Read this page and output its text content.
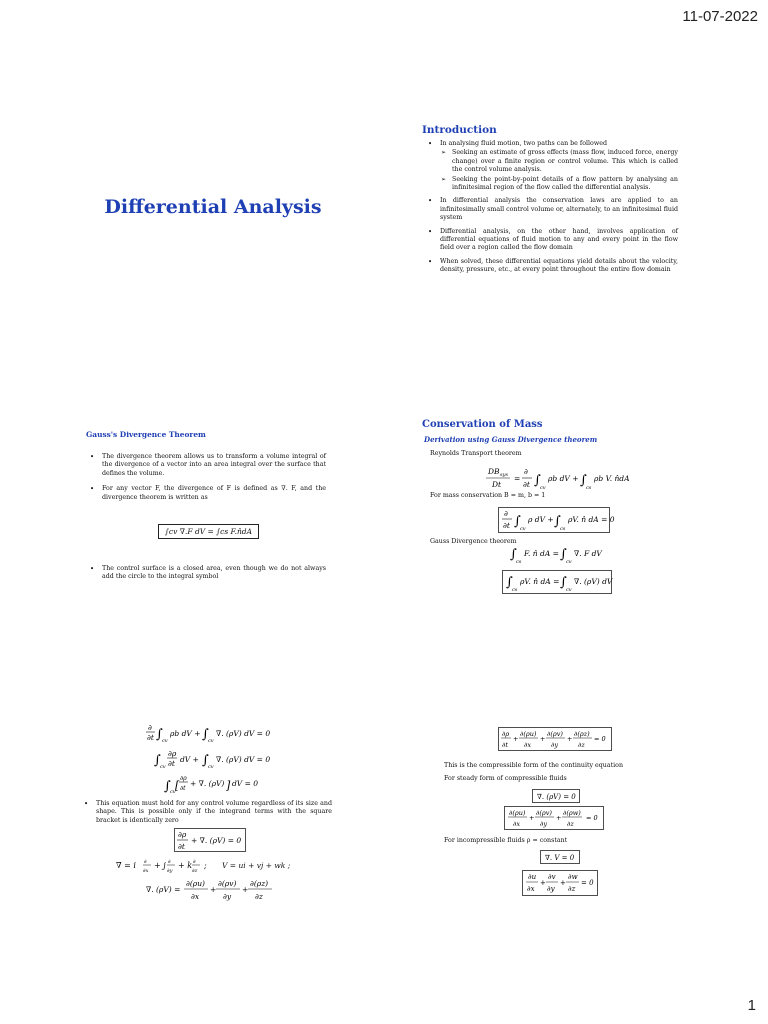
11-07-2022
1
Differential Analysis
Introduction
• In analysing fluid motion, two paths can be followed
➢ Seeking an estimate of gross effects (mass flow, induced force, energy change) over a finite region or control volume. This which is called the control volume analysis.
➢ Seeking the point-by-point details of a flow pattern by analysing an infinitesimal region of the flow called the differential analysis.
• In differential analysis the conservation laws are applied to an infinitesimally small control volume or, alternately, to an infinitesimal fluid system
• Differential analysis, on the other hand, involves application of differential equations of fluid motion to any and every point in the flow field over a region called the flow domain
• When solved, these differential equations yield details about the velocity, density, pressure, etc., at every point throughout the entire flow domain
Gauss's Divergence Theorem
• The divergence theorem allows us to transform a volume integral of the divergence of a vector into an area integral over the surface that defines the volume.
• For any vector F, the divergence of F is defined as ∇. F, and the divergence theorem is written as
∫cv ∇.F dV = ∫cs F.n̂dA
• The control surface is a closed area, even though we do not always add the circle to the integral symbol
Conservation of Mass
Derivation using Gauss Divergence theorem
Reynolds Transport theorem
DB sys
Dt
=
∂
∂t ∫ cv
ρb dV + ∫ cs
ρb V. n̂dA
For mass conservation B = m, b = 1
∂
∂t ∫ cv
ρ dV + ∫ cs
ρV. n̂ dA = 0
Gauss Divergence theorem
∫ cs
F. n̂ dA = ∫ cv
∇. F dV
∫ cs
ρV. n̂ dA = ∫ cv
∇. (ρV) dV
∂
∂t ∫ cv
ρb dV + ∫ cv
∇. (ρV) dV = 0
∫ cv
∂ρ
∂t dV + ∫ cv
∇. (ρV) dV = 0
∫ cv [
∂ρ
∂t
+ ∇. (ρV) ] dV = 0
• This equation must hold for any control volume regardless of its size and shape. This is possible only if the integrand terms with the square bracket is identically zero
∂ρ
∂t
+ ∇. (ρV) = 0
∇ = i ∂
∂x
+ j ∂
∂y
+ k ∂
∂z
; V = ui + vj + wk ;
∇. (ρV) =
∂(ρu)
∂x
+
∂(ρv)
∂y
+
∂(ρz)
∂z
∂ρ
∂t
+
∂(ρu)
∂x
+
∂(ρv)
∂y
+
∂(ρz)
∂z
= 0
This is the compressible form of the continuity equation
For steady form of compressible fluids
∇. (ρV) = 0
∂(ρu)
∂x
+
∂(ρv)
∂y
+
∂(ρw)
∂z
= 0
For incompressible fluids ρ = constant
∇. V = 0
∂u
∂x
+
∂v
∂y
+
∂w
∂z
= 0
